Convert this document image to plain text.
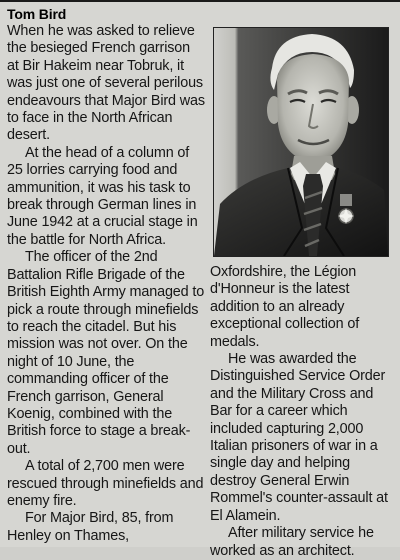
Tom Bird

When he was asked to relieve the besieged French garrison at Bir Hakeim near Tobruk, it was just one of several perilous endeavours that Major Bird was to face in the North African desert.

At the head of a column of 25 lorries carrying food and ammunition, it was his task to break through German lines in June 1942 at a crucial stage in the battle for North Africa.

The officer of the 2nd Battalion Rifle Brigade of the British Eighth Army managed to pick a route through minefields to reach the citadel. But his mission was not over. On the night of 10 June, the commanding officer of the French garrison, General Koenig, combined with the British force to stage a break-out.

A total of 2,700 men were rescued through minefields and enemy fire.

For Major Bird, 85, from Henley on Thames,

Oxfordshire, the Légion d'Honneur is the latest addition to an already exceptional collection of medals.

He was awarded the Distinguished Service Order and the Military Cross and Bar for a career which included capturing 2,000 Italian prisoners of war in a single day and helping destroy General Erwin Rommel's counter-assault at El Alamein.

After military service he worked as an architect.
